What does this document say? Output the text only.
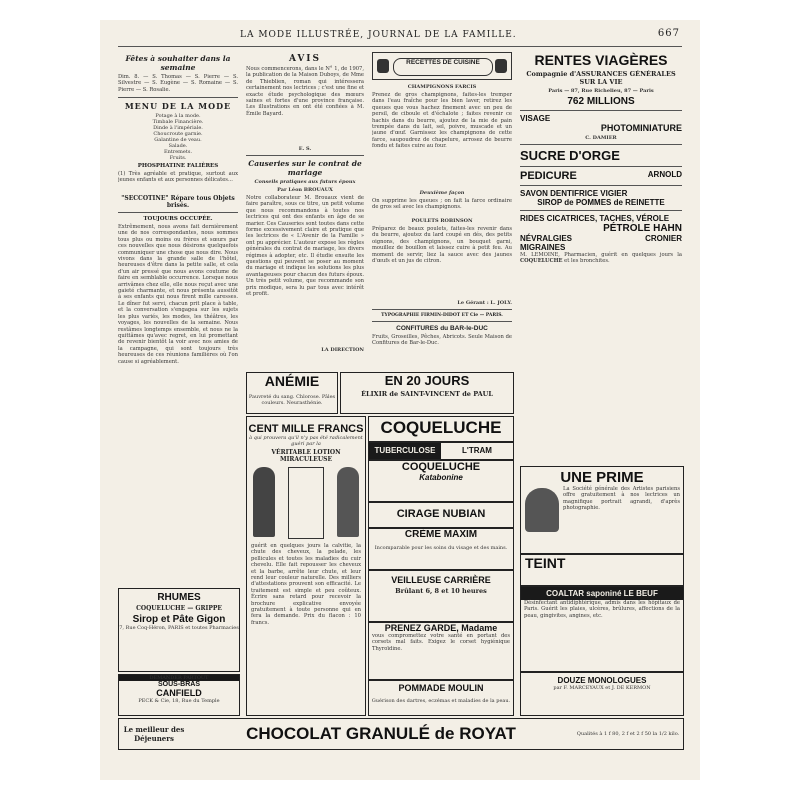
LA MODE ILLUSTRÉE, JOURNAL DE LA FAMILLE.	667
Fêtes à souhaiter dans la semaine

Dim. 8. — S. Thomas — S. Pierre — S. Silvestre — S. Eugène — S. Romaine — S. Pierre — S. Rosalie.

MENU DE LA MODE
Potage à la mode.
Timbale Financière.
Dinde à l'impériale.
Choucroute garnie.
Galantine de veau.
Salade.
Entremets.
Fruits.
PHOSPHATINE FALIÈRES

(1) Très agréable et pratique, surtout aux jeunes enfants et aux personnes délicates...

"SECCOTINE" Répare tous Objets brisés.
TOUJOURS OCCUPÉE.

Extrêmement, nous avons fait dernièrement une de nos correspondantes, nous sommes tous plus ou moins ou frères et sœurs par ces nouvelles que nous désirons quelquefois communiquer une chose que nous dire. Nous vivons dans la grande salle de l'hôtel, heureuses d'être dans la petite salle, et cela d'un air pressé que nous avons coutume de faire en semblable occurrence. Lorsque nous arrivâmes chez elle, elle nous reçut avec une gaieté charmante, et nous présenta aussitôt à ses enfants qui nous firent mille caresses. Le dîner fut servi, chacun prit place à table, et la conversation s'engagea sur les sujets les plus variés, les modes, les théâtres, les voyages, les nouvelles de la semaine. Nous restâmes longtemps ensemble, et nous ne la quittâmes qu'avec regret, en lui promettant de revenir bientôt la voir avec nos amies de la campagne, qui sont toujours très heureuses de ces réunions familières où l'on cause si agréablement.

AVIS

Nous commencerons, dans le N° 1, de 1907, la publication de la Maison Duboys, de Mme de Thieblien, roman qui intéressera certainement nos lectrices ; c'est une fine et exacte étude psychologique des mœurs saines et fortes d'une province française. Les illustrations en ont été confiées à M. Émile Bayard.

E. S.
Causeries sur le contrat de mariage
Conseils pratiques aux futurs époux
Par Léon BROUAUX

Notre collaborateur M. Brouaux vient de faire paraître, sous ce titre, un petit volume que nous recommandons à toutes nos lectrices qui ont des enfants en âge de se marier. Ces Causeries sont toutes dans cette forme excessivement claire et pratique que les lectrices de « L'Avenir de la Famille » ont pu apprécier. L'auteur expose les règles générales du contrat de mariage, les divers régimes à adopter, etc. Il étudie ensuite les questions qui peuvent se poser au moment du mariage et indique les solutions les plus avantageuses pour chacun des futurs époux. Un très petit volume, que recommande son prix modique, sera lu par tous avec intérêt et profit.

LA DIRECTION
RECETTES DE CUISINE
CHAMPIGNONS FARCIS

Prenez de gros champignons, faites-les tremper dans l'eau fraîche pour les bien laver, retirez les queues que vous hachez finement avec un peu de persil, de ciboule et d'échalote ; faites revenir ce hachis dans du beurre, ajoutez de la mie de pain trempée dans du lait, sel, poivre, muscade et un jaune d'œuf. Garnissez les champignons de cette farce, saupoudrez de chapelure, arrosez de beurre fondu et faites cuire au four.

Deuxième façon

On supprime les queues ; on fait la farce ordinaire de gros sel avec les champignons.

POULETS ROBINSON

Préparez de beaux poulets, faites-les revenir dans du beurre, ajoutez du lard coupé en dés, des petits oignons, des champignons, un bouquet garni, mouillez de bouillon et laissez cuire à petit feu. Au moment de servir, liez la sauce avec des jaunes d'œufs et un jus de citron.

Le Gérant : L. JOLY.
TYPOGRAPHIE FIRMIN-DIDOT ET Cie — PARIS.
CONFITURES du BAR-le-DUC

Fruits, Groseilles, Pêches, Abricots. Seule Maison de Confitures de Bar-le-Duc.

RENTES VIAGÈRES
Compagnie d'ASSURANCES GÉNÉRALES SUR LA VIE
Paris — 87, Rue Richelieu, 87 — Paris
762 MILLIONS
VISAGE
PHOTOMINIATURE
C. DAMIER
SUCRE D'ORGE
PEDICURE	ARNOLD
SAVON DENTIFRICE VIGIER
SIROP de POMMES de REINETTE
RIDES CICATRICES, TACHES, VÉROLE
PÉTROLE HAHN
NÉVRALGIES	CRONIER
MIGRAINES

M. LEMOINE, Pharmacien, guérit en quelques jours la COQUELUCHE et les bronchites.

ANÉMIE

Pauvreté du sang. Chlorose. Pâles couleurs. Neurasthénie.

EN 20 JOURS
ÉLIXIR de SAINT-VINCENT de PAUL
CENT MILLE FRANCS
à qui prouvera qu'il n'y pas été radicalement guéri par la
VÉRITABLE LOTION MIRACULEUSE

guérit en quelques jours la calvitie, la chute des cheveux, la pelade, les pellicules et toutes les maladies du cuir chevelu. Elle fait repousser les cheveux et la barbe, arrête leur chute, et leur rend leur couleur naturelle. Des milliers d'attestations prouvent son efficacité. Le traitement est simple et peu coûteux. Écrire sans retard pour recevoir la brochure explicative envoyée gratuitement à toute personne qui en fera la demande. Prix du flacon : 10 francs.

COQUELUCHE
TUBERCULOSE	L'TRAM
COQUELUCHE
Katabonine
CIRAGE NUBIAN
CRÈME MAXIM

Incomparable pour les soins du visage et des mains.

VEILLEUSE CARRIÈRE
Brûlant 6, 8 et 10 heures
PRENEZ GARDE, Madame

vous compromettez votre santé en portant des corsets mal faits. Exigez le corset hygiénique Thyroïdine.

POMMADE MOULIN

Guérison des dartres, eczémas et maladies de la peau.

RHUMES
COQUELUCHE — GRIPPE
Sirop et Pâte Gigon
7, Rue Coq-Héron, PARIS et toutes Pharmacies
DEMANDER PARTOUT
SOUS-BRAS
CANFIELD
PECK & Cie, 18, Rue du Temple
UNE PRIME

La Société générale des Artistes parisiens offre gratuitement à nos lectrices un magnifique portrait agrandi, d'après photographie.

TEINT
COALTAR saponiné LE BEUF

Désinfectant antidiphtérique, admis dans les hôpitaux de Paris. Guérit les plaies, ulcères, brûlures, affections de la peau, gingivites, angines, etc.

DOUZE MONOLOGUES
par F. MARCEYAUX et J. DE KERMON
Le meilleur des Déjeuners	CHOCOLAT GRANULÉ de ROYAT	Qualités à 1 f 80, 2 f et 2 f 50 la 1/2 kilo.
